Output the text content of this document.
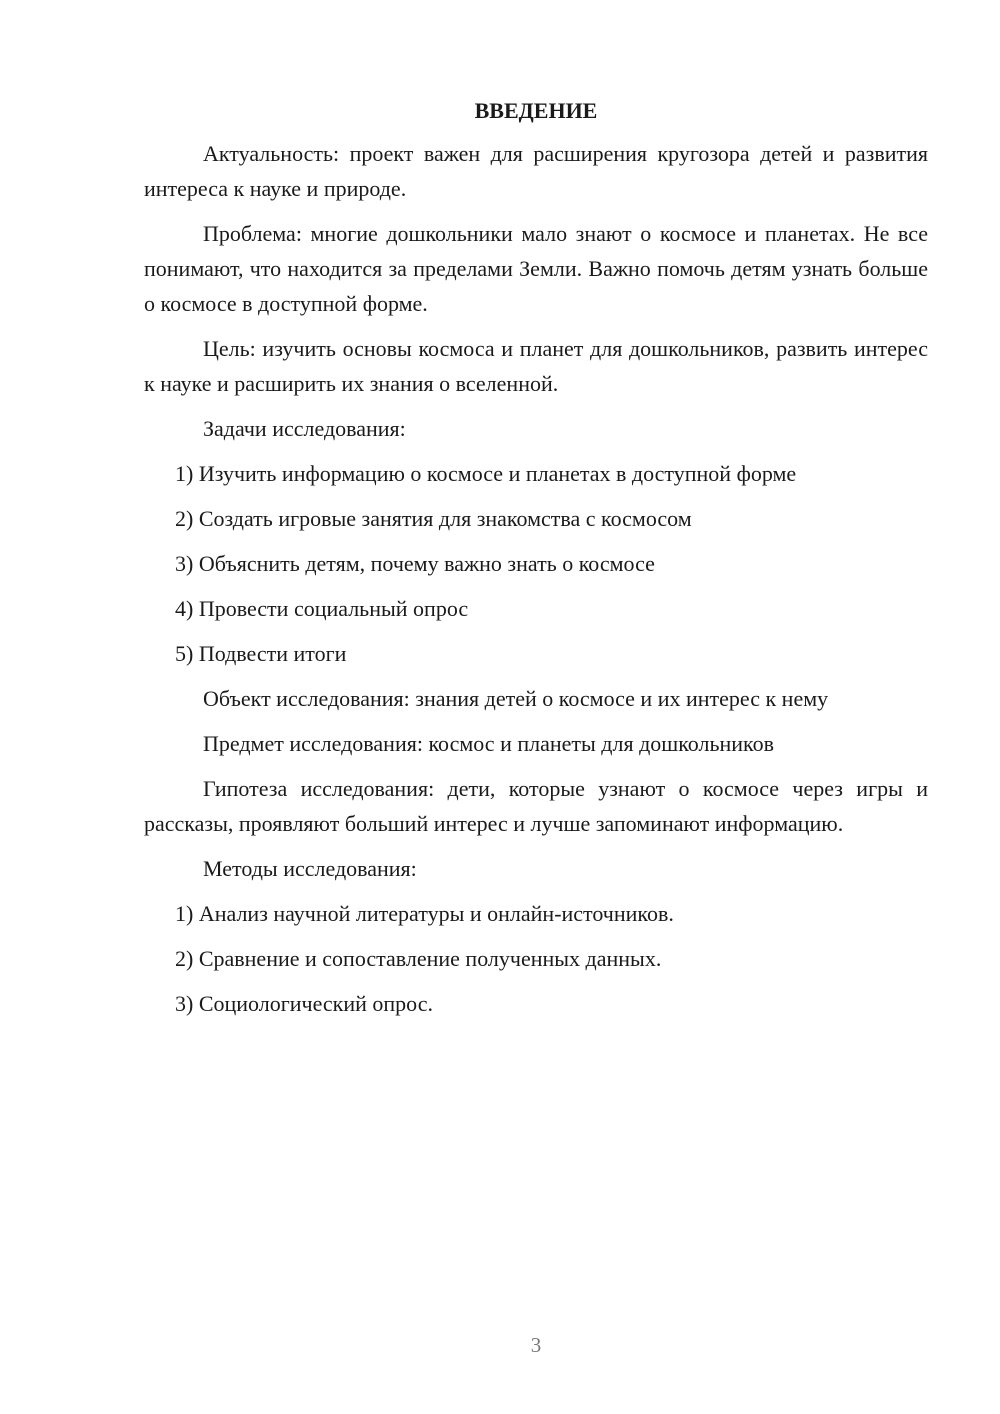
ВВЕДЕНИЕ

Актуальность: проект важен для расширения кругозора детей и развития интереса к науке и природе.

Проблема: многие дошкольники мало знают о космосе и планетах. Не все понимают, что находится за пределами Земли. Важно помочь детям узнать больше о космосе в доступной форме.

Цель: изучить основы космоса и планет для дошкольников, развить интерес к науке и расширить их знания о вселенной.

Задачи исследования:

1) Изучить информацию о космосе и планетах в доступной форме

2) Создать игровые занятия для знакомства с космосом

3) Объяснить детям, почему важно знать о космосе

4) Провести социальный опрос

5) Подвести итоги

Объект исследования: знания детей о космосе и их интерес к нему

Предмет исследования: космос и планеты для дошкольников

Гипотеза исследования: дети, которые узнают о космосе через игры и рассказы, проявляют больший интерес и лучше запоминают информацию.

Методы исследования:

1) Анализ научной литературы и онлайн-источников.

2) Сравнение и сопоставление полученных данных.

3) Социологический опрос.

3
